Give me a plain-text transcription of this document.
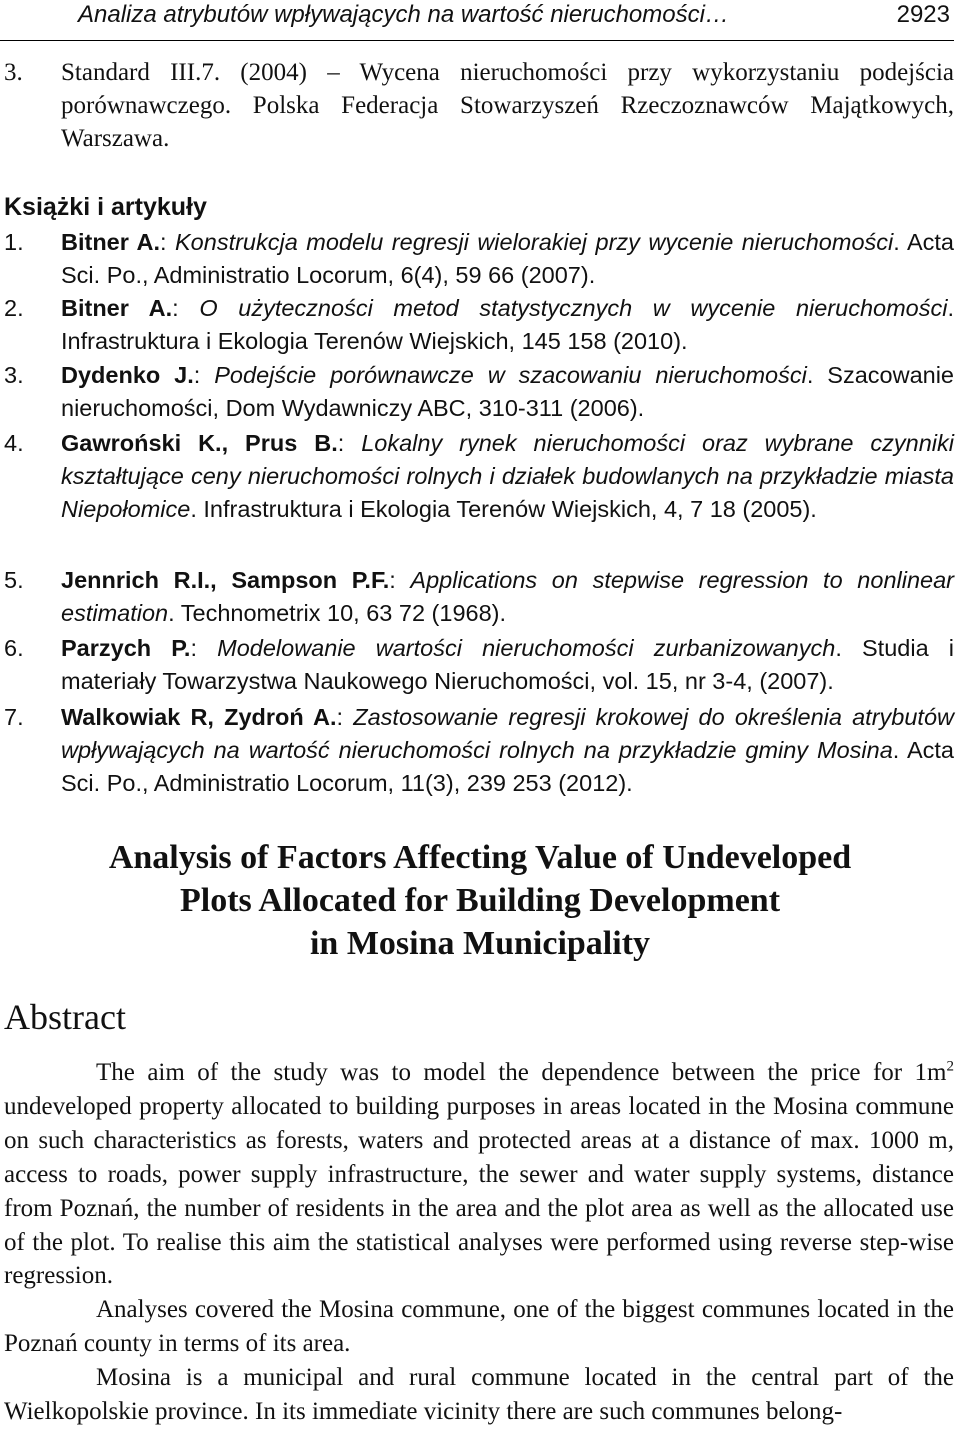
Analiza atrybutów wpływających na wartość nieruchomości…	2923
3. Standard III.7. (2004) – Wycena nieruchomości przy wykorzystaniu podejścia porównawczego. Polska Federacja Stowarzyszeń Rzeczoznawców Majątkowych, Warszawa.
Książki i artykuły
1. Bitner A.: Konstrukcja modelu regresji wielorakiej przy wycenie nieruchomości. Acta Sci. Po., Administratio Locorum, 6(4), 59 66 (2007).
2. Bitner A.: O użyteczności metod statystycznych w wycenie nieruchomości. Infrastruktura i Ekologia Terenów Wiejskich, 145 158 (2010).
3. Dydenko J.: Podejście porównawcze w szacowaniu nieruchomości. Szacowanie nieruchomości, Dom Wydawniczy ABC, 310-311 (2006).
4. Gawroński K., Prus B.: Lokalny rynek nieruchomości oraz wybrane czynniki kształtujące ceny nieruchomości rolnych i działek budowlanych na przykładzie miasta Niepołomice. Infrastruktura i Ekologia Terenów Wiejskich, 4, 7 18 (2005).
5. Jennrich R.I., Sampson P.F.: Applications on stepwise regression to nonlinear estimation. Technometrix 10, 63 72 (1968).
6. Parzych P.: Modelowanie wartości nieruchomości zurbanizowanych. Studia i materiały Towarzystwa Naukowego Nieruchomości, vol. 15, nr 3-4, (2007).
7. Walkowiak R, Zydroń A.: Zastosowanie regresji krokowej do określenia atrybutów wpływających na wartość nieruchomości rolnych na przykładzie gminy Mosina. Acta Sci. Po., Administratio Locorum, 11(3), 239 253 (2012).
Analysis of Factors Affecting Value of Undeveloped
Plots Allocated for Building Development
in Mosina Municipality
Abstract

The aim of the study was to model the dependence between the price for $1m^2$ undeveloped property allocated to building purposes in areas located in the Mosina commune on such characteristics as forests, waters and protected areas at a distance of max. 1000 m, access to roads, power supply infrastructure, the sewer and water supply systems, distance from Poznań, the number of residents in the area and the plot area as well as the allocated use of the plot. To realise this aim the statistical analyses were performed using reverse step-wise regression.

Analyses covered the Mosina commune, one of the biggest communes located in the Poznań county in terms of its area.

Mosina is a municipal and rural commune located in the central part of the Wielkopolskie province. In its immediate vicinity there are such communes belong-
